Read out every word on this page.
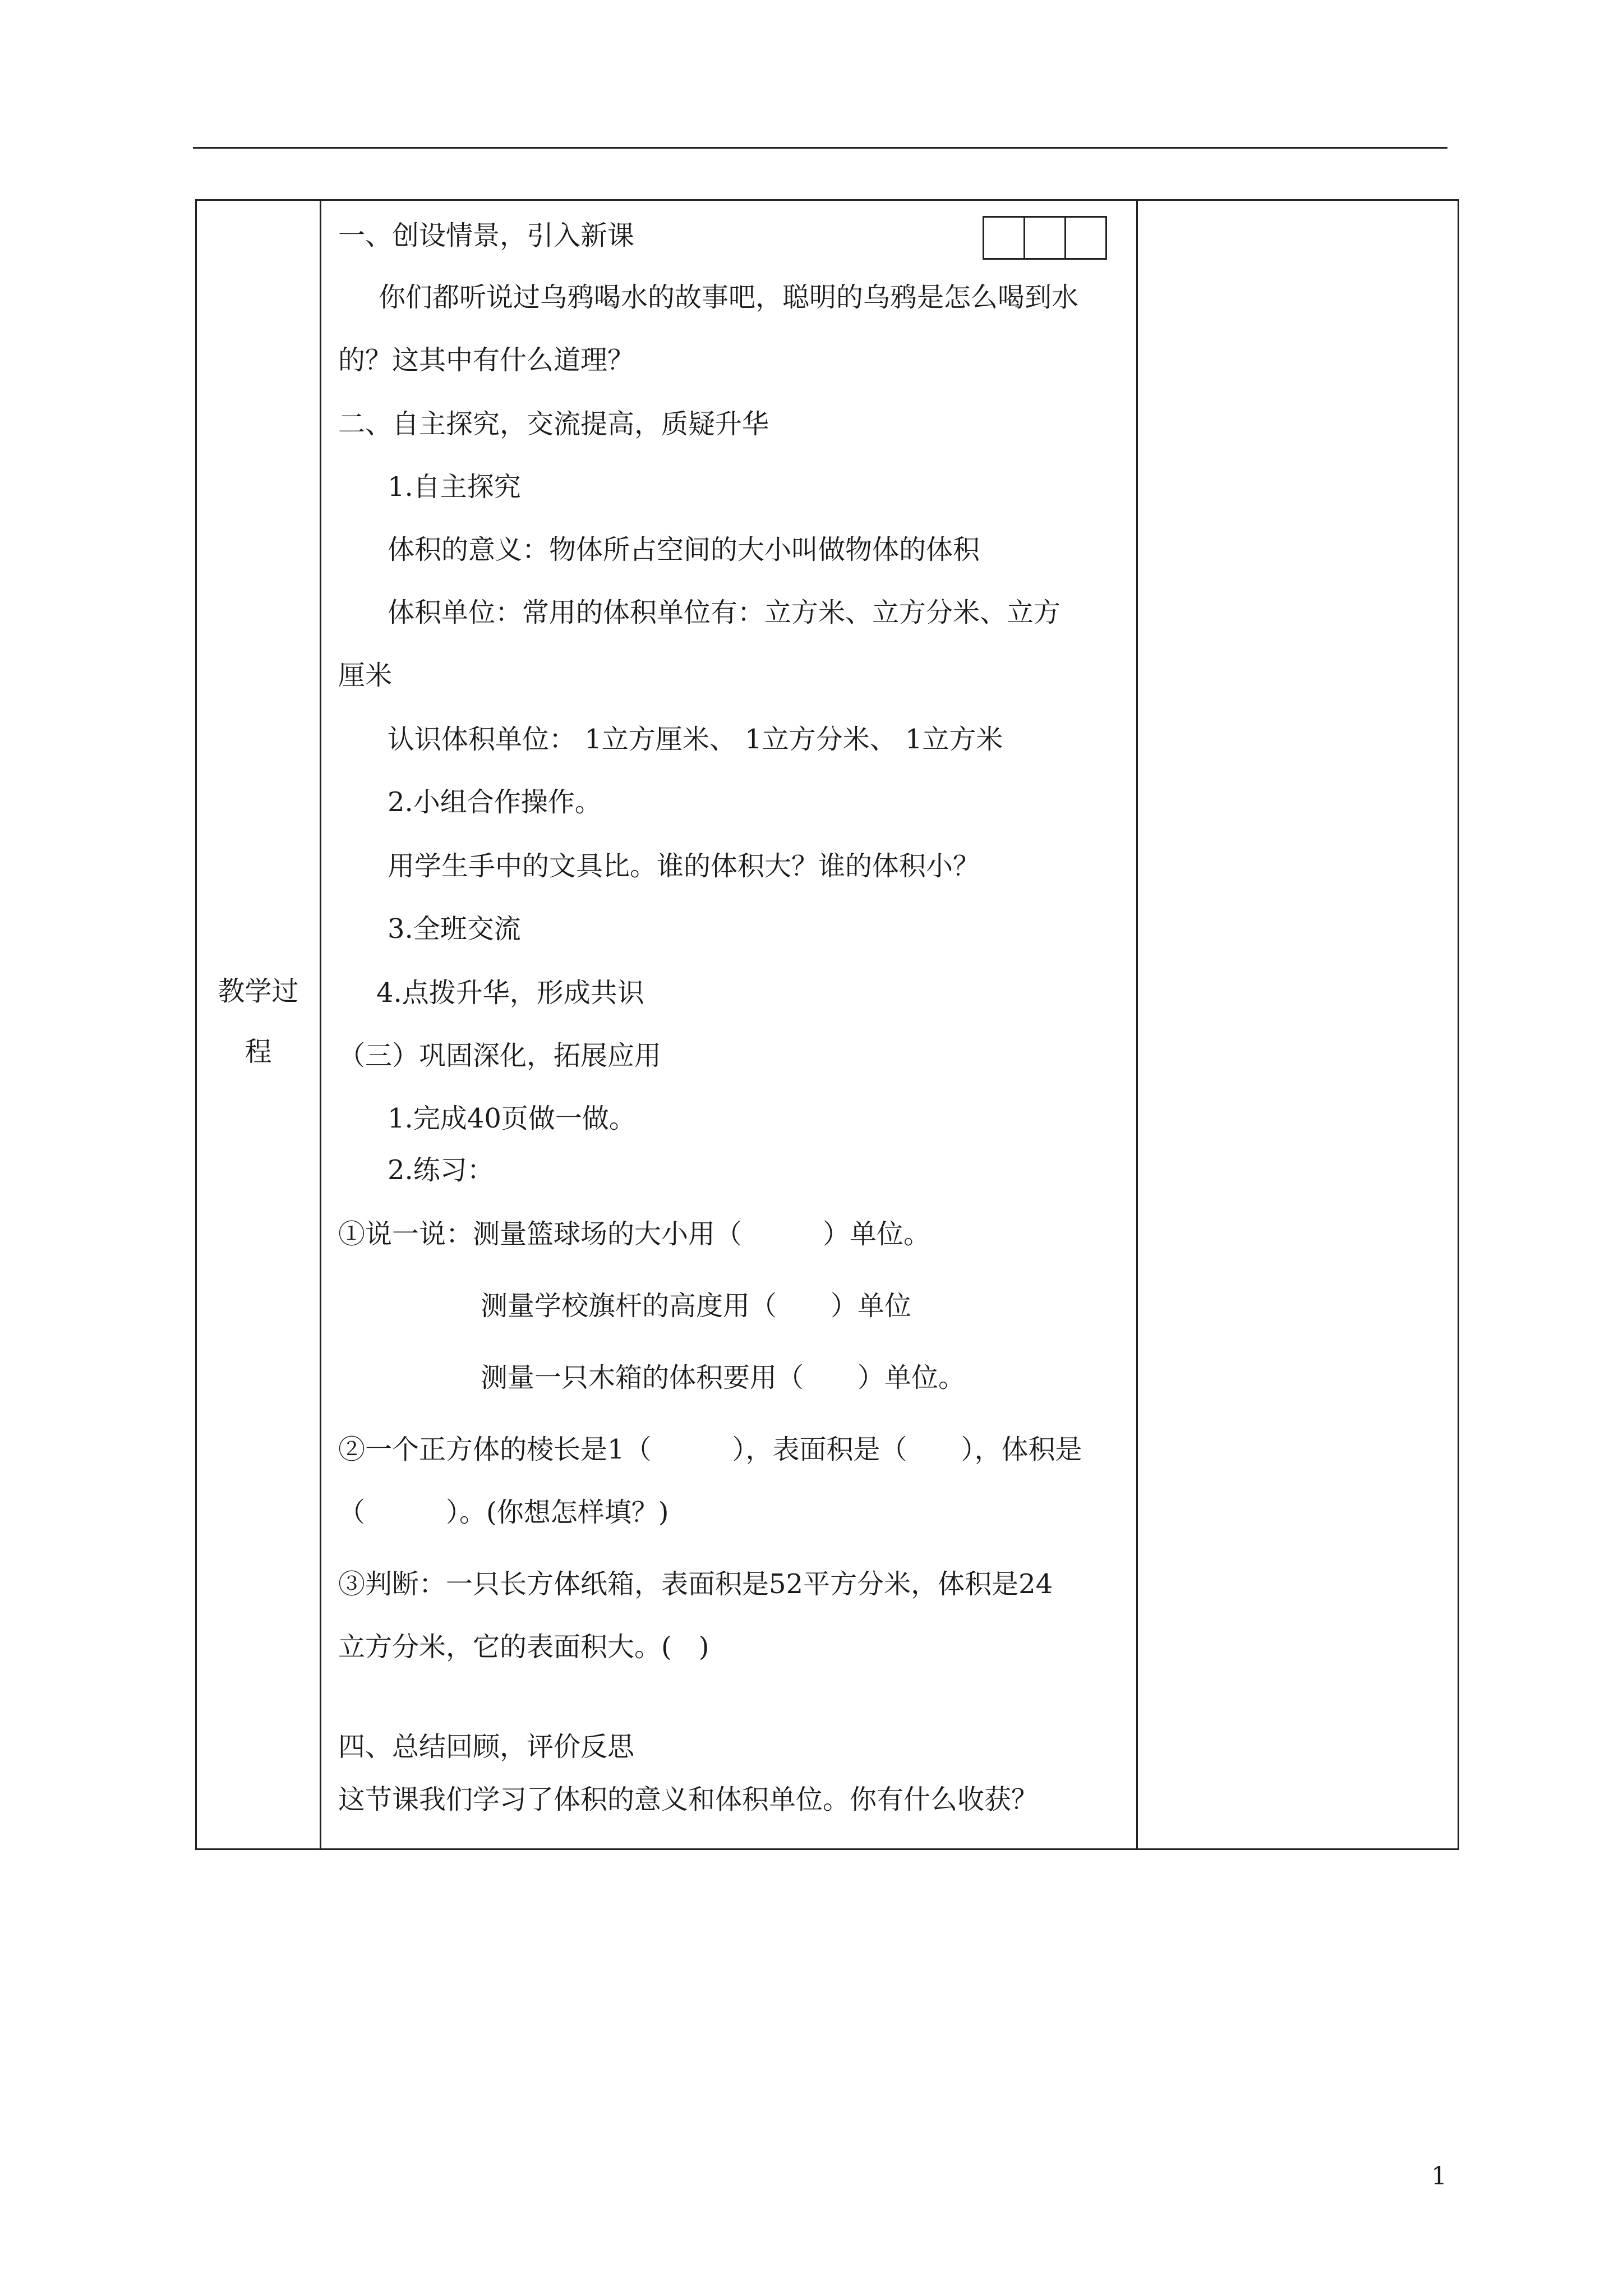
教学过
程
一、创设情景，引入新课
你们都听说过乌鸦喝水的故事吧，聪明的乌鸦是怎么喝到水
的？这其中有什么道理？
二、自主探究，交流提高，质疑升华
1.自主探究
体积的意义：物体所占空间的大小叫做物体的体积
体积单位：常用的体积单位有：立方米、立方分米、立方
厘米
认识体积单位： 1立方厘米、 1立方分米、 1立方米
2.小组合作操作。
用学生手中的文具比。谁的体积大？谁的体积小？
3.全班交流
4.点拨升华，形成共识
（三）巩固深化，拓展应用
1.完成40页做一做。
2.练习：
①说一说：测量篮球场的大小用（　　　）单位。
测量学校旗杆的高度用（　　）单位
测量一只木箱的体积要用（　　）单位。
②一个正方体的棱长是1（　　　），表面积是（　　），体积是
（　　　）。(你想怎样填？)
③判断：一只长方体纸箱，表面积是52平方分米，体积是24
立方分米，它的表面积大。(　)
四、总结回顾，评价反思
这节课我们学习了体积的意义和体积单位。你有什么收获？
1
